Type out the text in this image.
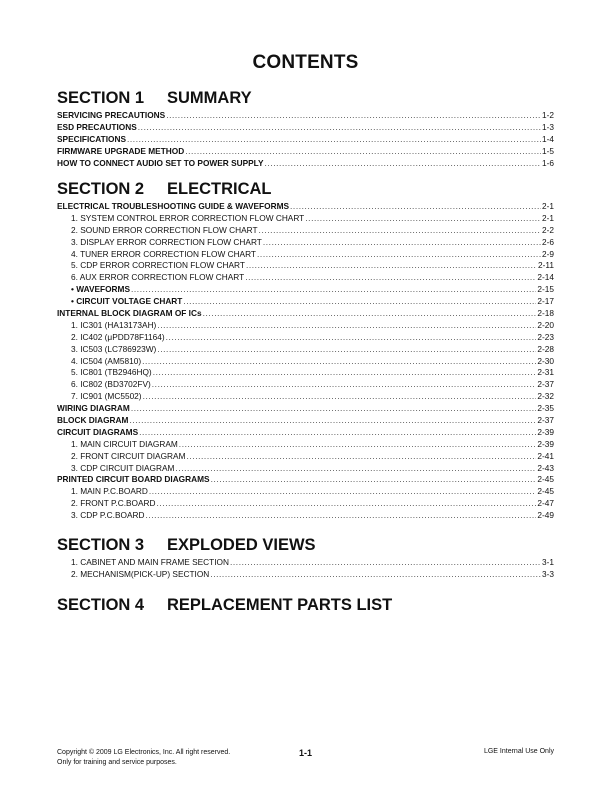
CONTENTS
SECTION 1 SUMMARY
SERVICING PRECAUTIONS .....	1-2
ESD PRECAUTIONS .....	1-3
SPECIFICATIONS .....	1-4
FIRMWARE UPGRADE METHOD .....	1-5
HOW TO CONNECT AUDIO SET TO POWER SUPPLY .....	1-6
SECTION 2 ELECTRICAL
ELECTRICAL TROUBLESHOOTING GUIDE & WAVEFORMS .....	2-1
1. SYSTEM CONTROL ERROR CORRECTION FLOW CHART .....	2-1
2. SOUND ERROR CORRECTION FLOW CHART .....	2-2
3. DISPLAY ERROR CORRECTION FLOW CHART .....	2-6
4. TUNER ERROR CORRECTION FLOW CHART .....	2-9
5. CDP ERROR CORRECTION FLOW CHART .....	2-11
6. AUX ERROR CORRECTION FLOW CHART .....	2-14
• WAVEFORMS .....	2-15
• CIRCUIT VOLTAGE CHART .....	2-17
INTERNAL BLOCK DIAGRAM OF ICs .....	2-18
1. IC301 (HA13173AH) .....	2-20
2. IC402 (μPDD78F1164) .....	2-23
3. IC503 (LC786923W) .....	2-28
4. IC504 (AM5810) .....	2-30
5. IC801 (TB2946HQ) .....	2-31
6. IC802 (BD3702FV) .....	2-37
7. IC901 (MC5502) .....	2-32
WIRING DIAGRAM .....	2-35
BLOCK DIAGRAM .....	2-37
CIRCUIT DIAGRAMS .....	2-39
1. MAIN CIRCUIT DIAGRAM .....	2-39
2. FRONT CIRCUIT DIAGRAM .....	2-41
3. CDP CIRCUIT DIAGRAM .....	2-43
PRINTED CIRCUIT BOARD DIAGRAMS .....	2-45
1. MAIN P.C.BOARD .....	2-45
2. FRONT P.C.BOARD .....	2-47
3. CDP P.C.BOARD .....	2-49
SECTION 3 EXPLODED VIEWS
1. CABINET AND MAIN FRAME SECTION .....	3-1
2. MECHANISM(PICK-UP) SECTION .....	3-3
SECTION 4 REPLACEMENT PARTS LIST
Copyright © 2009 LG Electronics, Inc. All right reserved.
Only for training and service purposes.
1-1	LGE Internal Use Only
